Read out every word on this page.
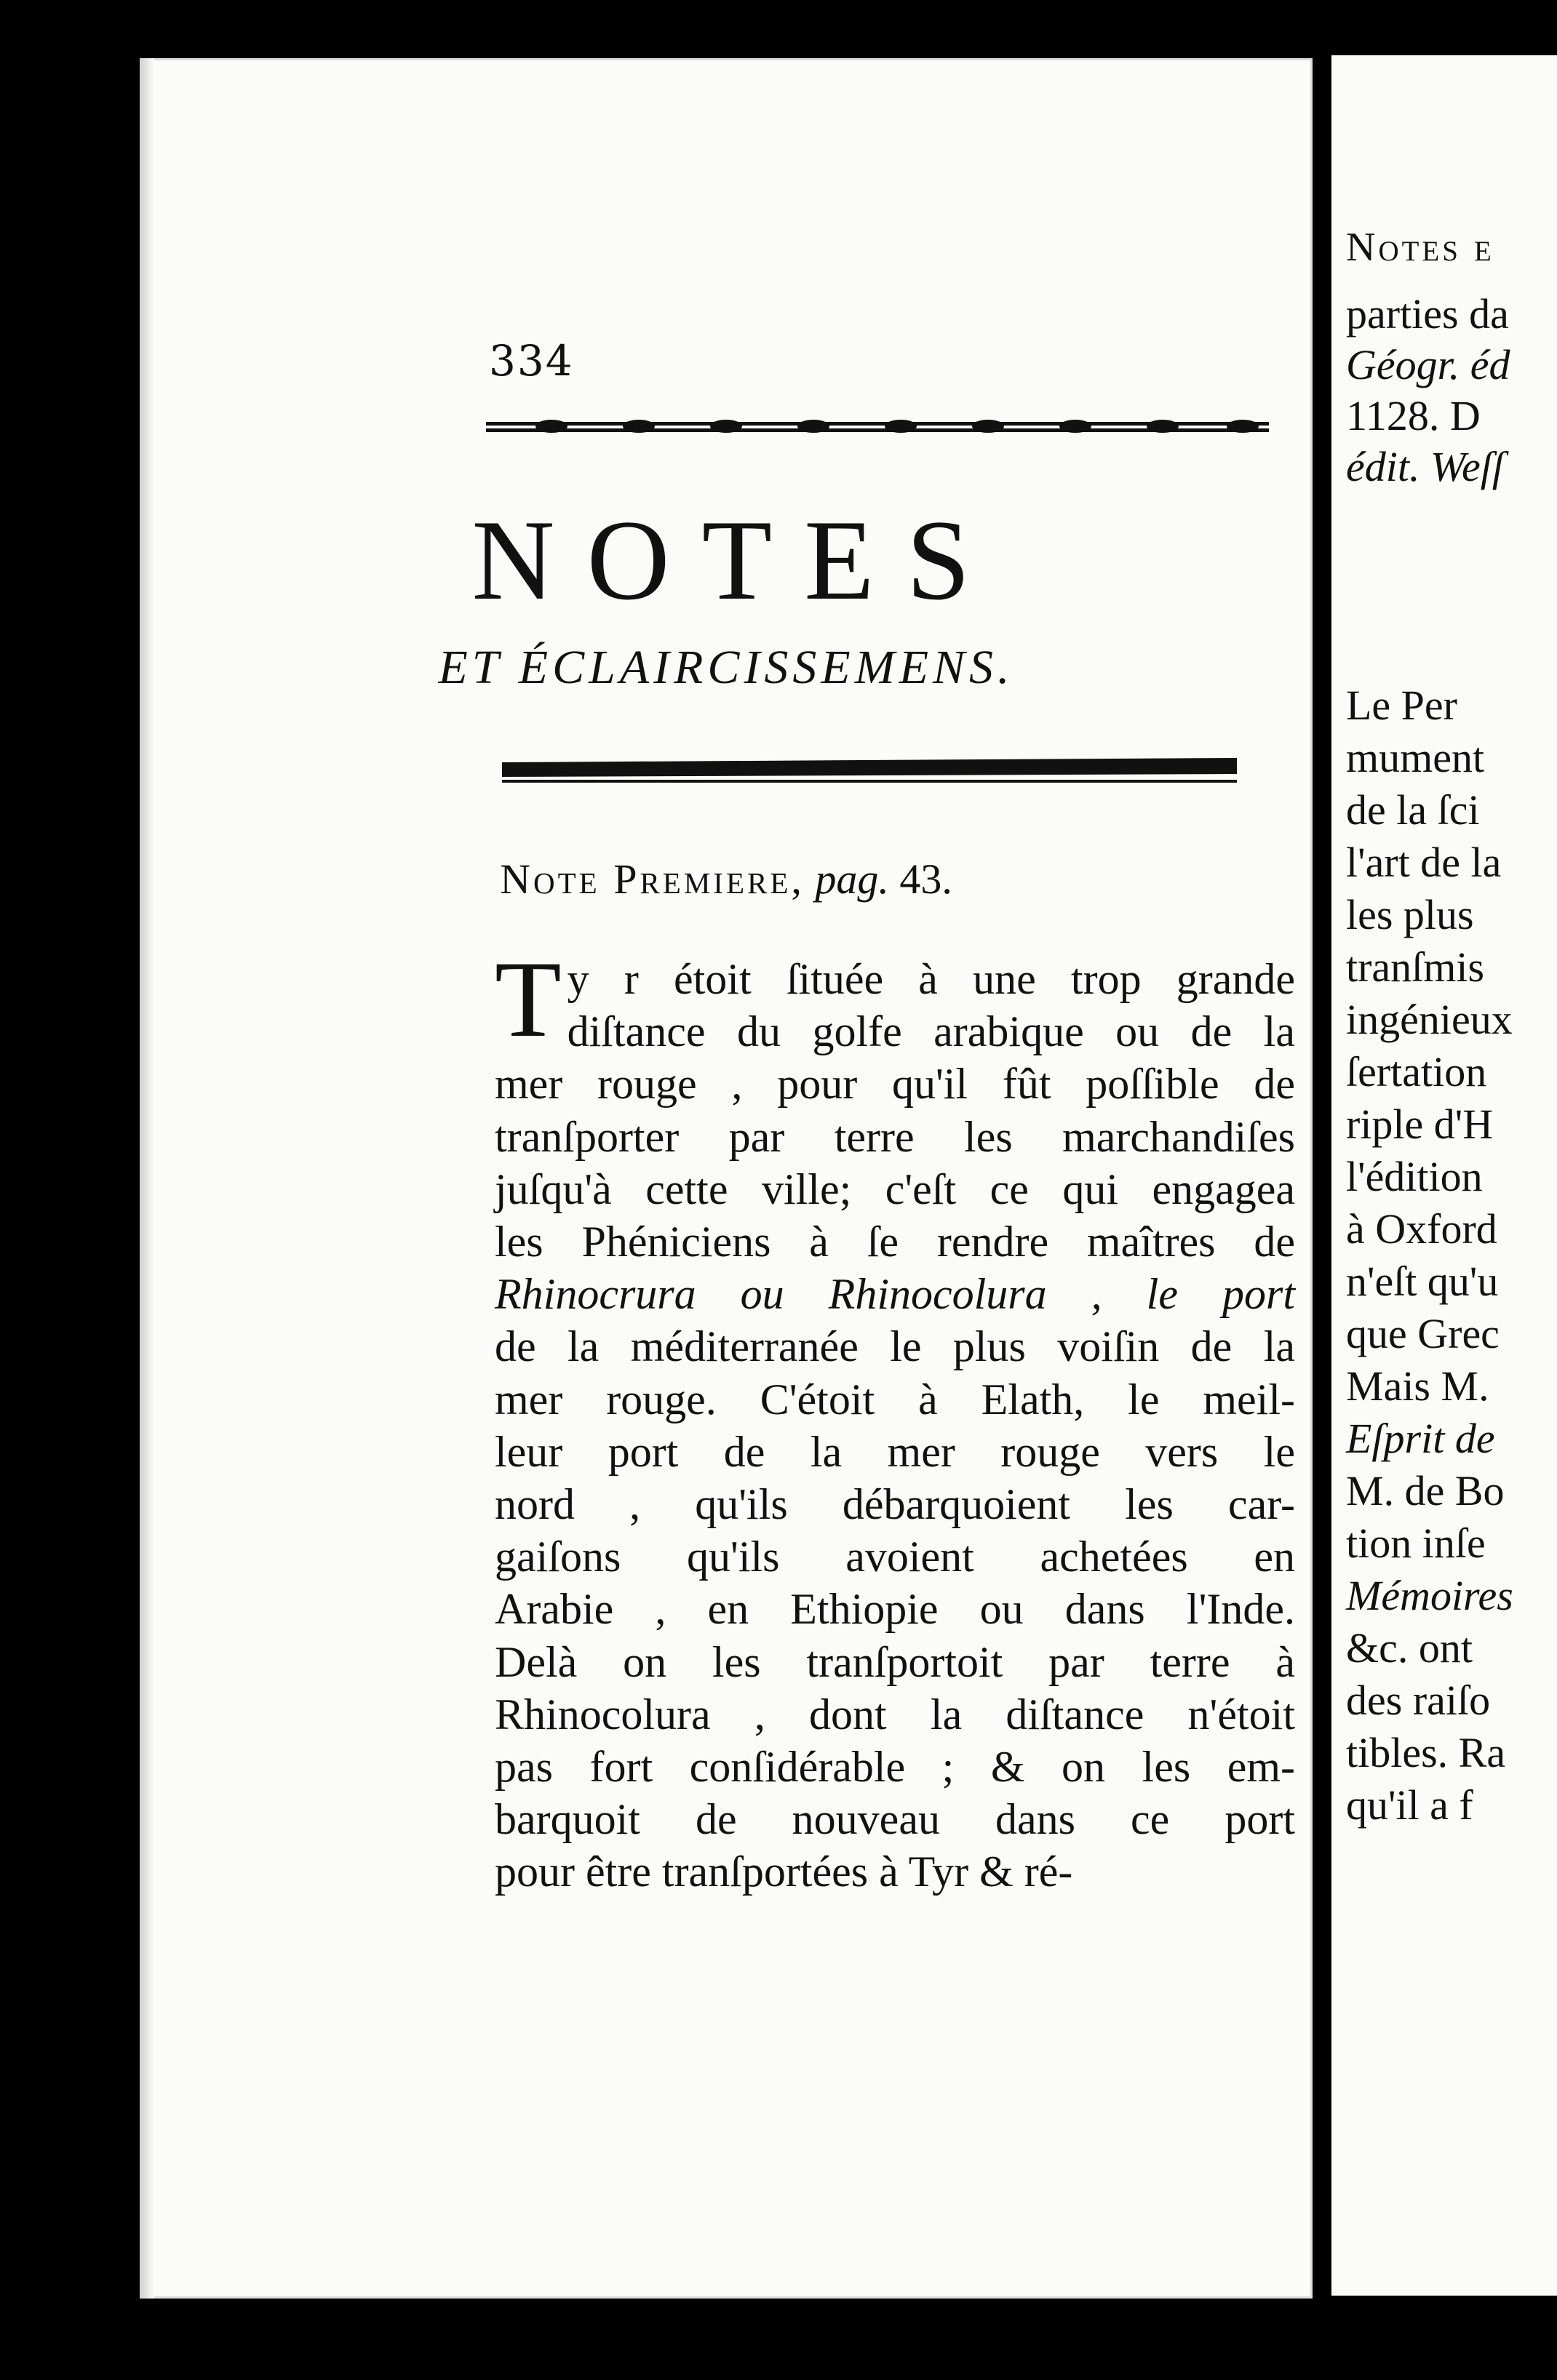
334
NOTES
ET ÉCLAIRCISSEMENS.
Note Premiere, pag. 43.
T y r étoit ſituée à une trop grande
diſtance du golfe arabique ou de la
mer rouge , pour qu'il fût poſſible de
tranſporter par terre les marchandiſes
juſqu'à cette ville; c'eſt ce qui engagea
les Phéniciens à ſe rendre maîtres de
Rhinocrura ou Rhinocolura , le port
de la méditerranée le plus voiſin de la
mer rouge. C'étoit à Elath, le meil-
leur port de la mer rouge vers le
nord , qu'ils débarquoient les car-
gaiſons qu'ils avoient achetées en
Arabie , en Ethiopie ou dans l'Inde.
Delà on les tranſportoit par terre à
Rhinocolura , dont la diſtance n'étoit
pas fort conſidérable ; & on les em-
barquoit de nouveau dans ce port
pour être tranſportées à Tyr & ré-
Notes e
parties da
Géogr. éd
1128. D
édit. Weſſ
Le Per
mument
de la ſci
l'art de la
les plus
tranſmis
ingénieux
ſertation
riple d'H
l'édition
à Oxford
n'eſt qu'u
que Grec
Mais M.
Eſprit de
M. de Bo
tion inſe
Mémoires
&c. ont
des raiſo
tibles. Ra
qu'il a f
